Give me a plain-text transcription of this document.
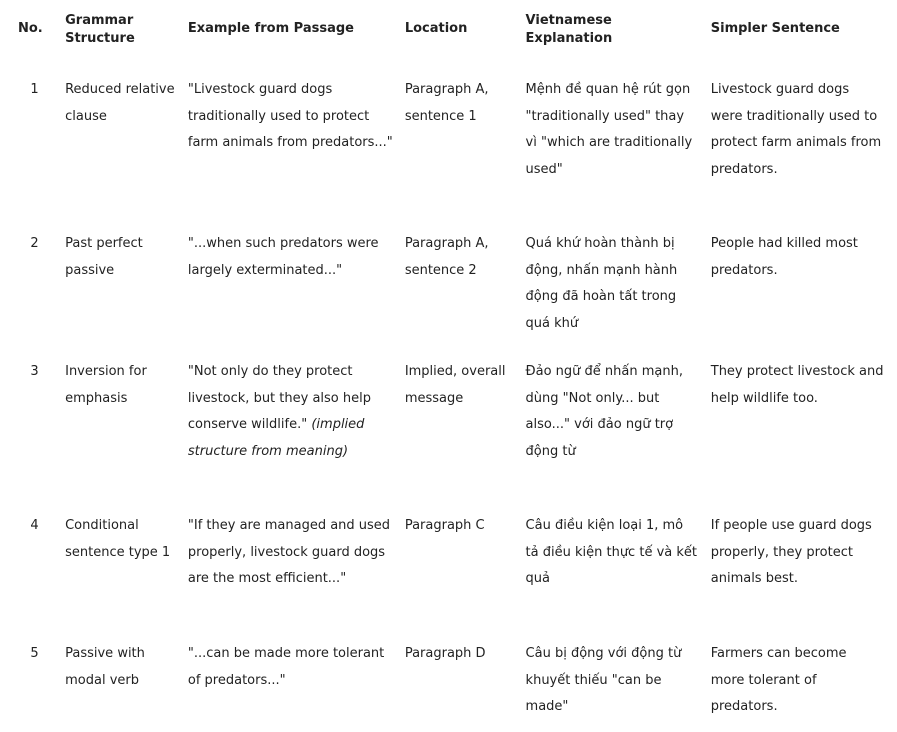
No.	Grammar Structure	Example from Passage	Location	Vietnamese Explanation	Simpler Sentence
1	Reduced relative clause	"Livestock guard dogs traditionally used to protect farm animals from predators..."	Paragraph A, sentence 1	Mệnh đề quan hệ rút gọn "traditionally used" thay vì "which are traditionally used"	Livestock guard dogs were traditionally used to protect farm animals from predators.
2	Past perfect passive	"...when such predators were largely exterminated..."	Paragraph A, sentence 2	Quá khứ hoàn thành bị động, nhấn mạnh hành động đã hoàn tất trong quá khứ	People had killed most predators.
3	Inversion for emphasis	"Not only do they protect livestock, but they also help conserve wildlife." (implied structure from meaning)	Implied, overall message	Đảo ngữ để nhấn mạnh, dùng "Not only... but also..." với đảo ngữ trợ động từ	They protect livestock and help wildlife too.
4	Conditional sentence type 1	"If they are managed and used properly, livestock guard dogs are the most efficient..."	Paragraph C	Câu điều kiện loại 1, mô tả điều kiện thực tế và kết quả	If people use guard dogs properly, they protect animals best.
5	Passive with modal verb	"...can be made more tolerant of predators..."	Paragraph D	Câu bị động với động từ khuyết thiếu "can be made"	Farmers can become more tolerant of predators.
